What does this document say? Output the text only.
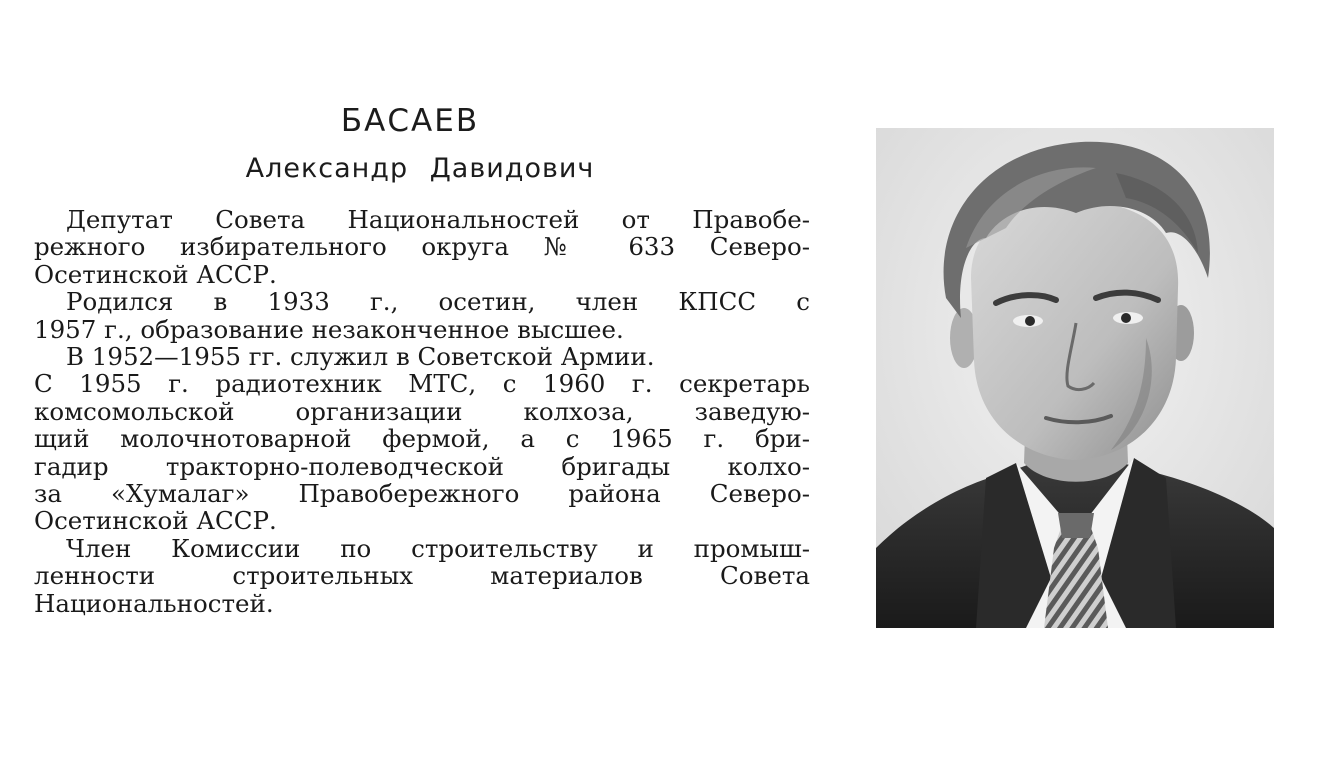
БАСАЕВ
Александр Давидович

Депутат Совета Национальностей от Правобе-
режного избирательного округа № 633 Северо-
Осетинской АССР.

Родился в 1933 г., осетин, член КПСС с
1957 г., образование незаконченное высшее.

В 1952—1955 гг. служил в Советской Армии.
С 1955 г. радиотехник МТС, с 1960 г. секретарь
комсомольской организации колхоза, заведую-
щий молочнотоварной фермой, а с 1965 г. бри-
гадир тракторно-полеводческой бригады колхо-
за «Хумалаг» Правобережного района Северо-
Осетинской АССР.

Член Комиссии по строительству и промыш-
ленности строительных материалов Совета
Национальностей.
